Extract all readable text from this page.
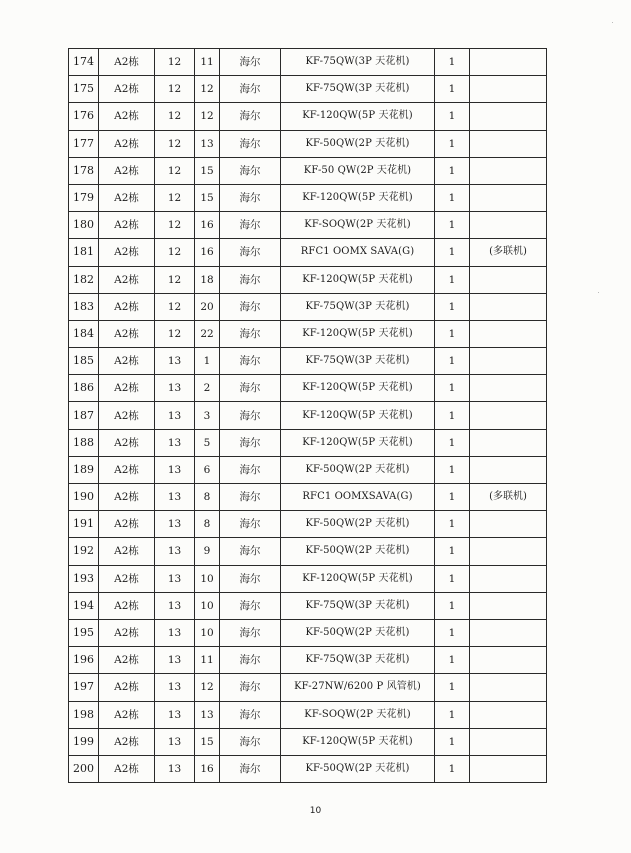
174	A2栋	12	11	海尔	KF-75QW(3P 天花机)	1	
175	A2栋	12	12	海尔	KF-75QW(3P 天花机)	1	
176	A2栋	12	12	海尔	KF-120QW(5P 天花机)	1	
177	A2栋	12	13	海尔	KF-50QW(2P 天花机)	1	
178	A2栋	12	15	海尔	KF-50 QW(2P 天花机)	1	
179	A2栋	12	15	海尔	KF-120QW(5P 天花机)	1	
180	A2栋	12	16	海尔	KF-SOQW(2P 天花机)	1	
181	A2栋	12	16	海尔	RFC1 OOMX SAVA(G)	1	(多联机)
182	A2栋	12	18	海尔	KF-120QW(5P 天花机)	1	
183	A2栋	12	20	海尔	KF-75QW(3P 天花机)	1	
184	A2栋	12	22	海尔	KF-120QW(5P 天花机)	1	
185	A2栋	13	1	海尔	KF-75QW(3P 天花机)	1	
186	A2栋	13	2	海尔	KF-120QW(5P 天花机)	1	
187	A2栋	13	3	海尔	KF-120QW(5P 天花机)	1	
188	A2栋	13	5	海尔	KF-120QW(5P 天花机)	1	
189	A2栋	13	6	海尔	KF-50QW(2P 天花机)	1	
190	A2栋	13	8	海尔	RFC1 OOMXSAVA(G)	1	(多联机)
191	A2栋	13	8	海尔	KF-50QW(2P 天花机)	1	
192	A2栋	13	9	海尔	KF-50QW(2P 天花机)	1	
193	A2栋	13	10	海尔	KF-120QW(5P 天花机)	1	
194	A2栋	13	10	海尔	KF-75QW(3P 天花机)	1	
195	A2栋	13	10	海尔	KF-50QW(2P 天花机)	1	
196	A2栋	13	11	海尔	KF-75QW(3P 天花机)	1	
197	A2栋	13	12	海尔	KF-27NW/6200 P 风管机)	1	
198	A2栋	13	13	海尔	KF-SOQW(2P 天花机)	1	
199	A2栋	13	15	海尔	KF-120QW(5P 天花机)	1	
200	A2栋	13	16	海尔	KF-50QW(2P 天花机)	1	
10
